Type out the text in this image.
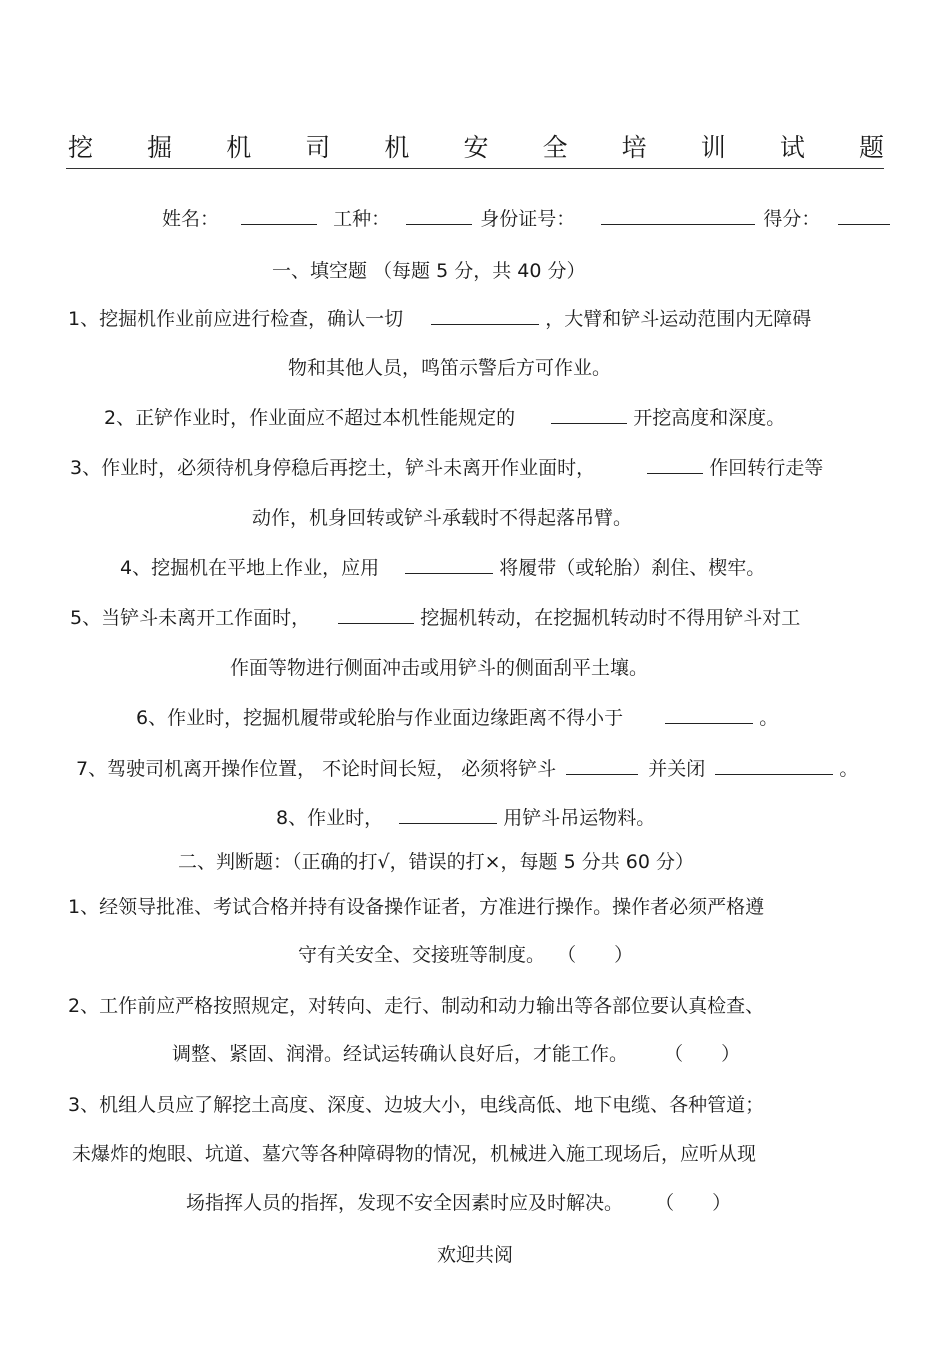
挖 掘 机 司 机 安 全 培 训 试 题
姓名：	工种：	身份证号：	得分：
一、填空题 （每题 5 分，共 40 分）
1、挖掘机作业前应进行检查，确认一切	，大臂和铲斗运动范围内无障碍
物和其他人员，鸣笛示警后方可作业。
2、正铲作业时，作业面应不超过本机性能规定的	开挖高度和深度。
3、作业时，必须待机身停稳后再挖土，铲斗未离开作业面时，	作回转行走等
动作，机身回转或铲斗承载时不得起落吊臂。
4、挖掘机在平地上作业，应用	将履带（或轮胎）刹住、楔牢。
5、当铲斗未离开工作面时，	挖掘机转动，在挖掘机转动时不得用铲斗对工
作面等物进行侧面冲击或用铲斗的侧面刮平土壤。
6、作业时，挖掘机履带或轮胎与作业面边缘距离不得小于	。
7、驾驶司机离开操作位置， 不论时间长短， 必须将铲斗	并关闭	。
8、作业时，	用铲斗吊运物料。
二、判断题：（正确的打√，错误的打×，每题 5 分共 60 分）
1、经领导批准、考试合格并持有设备操作证者，方准进行操作。操作者必须严格遵
守有关安全、交接班等制度。 （　　）
2、工作前应严格按照规定，对转向、走行、制动和动力输出等各部位要认真检查、
调整、紧固、润滑。经试运转确认良好后，才能工作。 （　　）
3、机组人员应了解挖土高度、深度、边坡大小，电线高低、地下电缆、各种管道；
未爆炸的炮眼、坑道、墓穴等各种障碍物的情况，机械进入施工现场后，应听从现
场指挥人员的指挥，发现不安全因素时应及时解决。 （　　）
欢迎共阅
